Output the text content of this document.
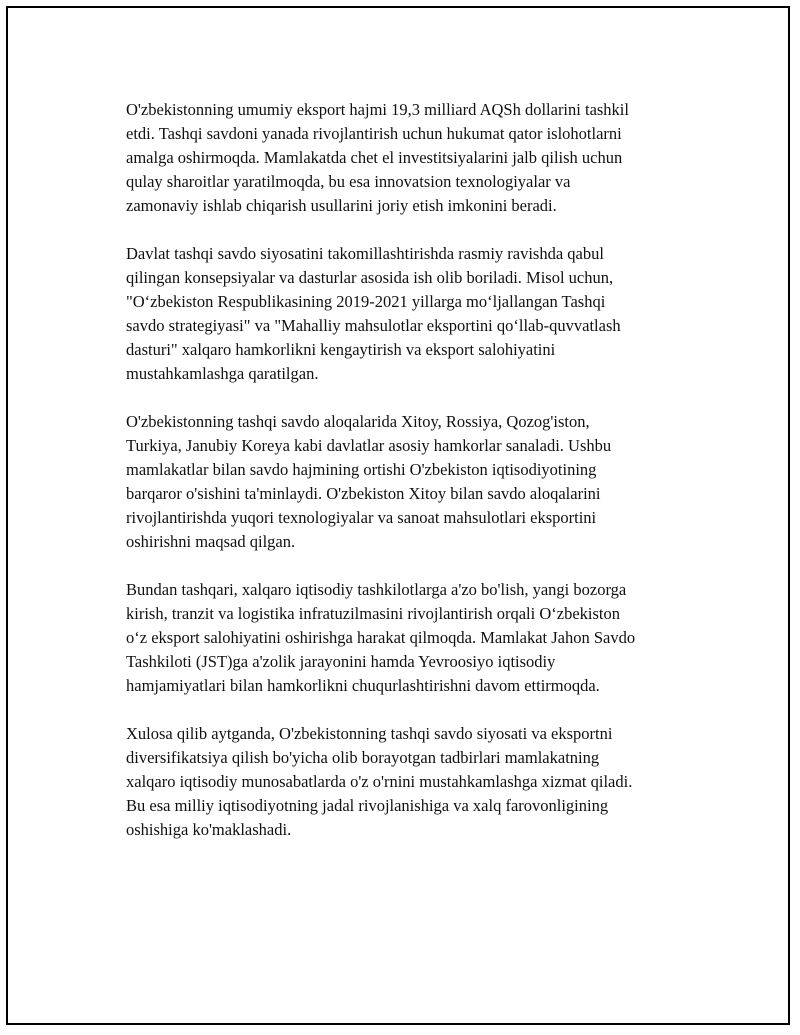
O'zbekistonning umumiy eksport hajmi 19,3 milliard AQSh dollarini tashkil
etdi. Tashqi savdoni yanada rivojlantirish uchun hukumat qator islohotlarni
amalga oshirmoqda. Mamlakatda chet el investitsiyalarini jalb qilish uchun
qulay sharoitlar yaratilmoqda, bu esa innovatsion texnologiyalar va
zamonaviy ishlab chiqarish usullarini joriy etish imkonini beradi.

Davlat tashqi savdo siyosatini takomillashtirishda rasmiy ravishda qabul
qilingan konsepsiyalar va dasturlar asosida ish olib boriladi. Misol uchun,
"O‘zbekiston Respublikasining 2019-2021 yillarga mo‘ljallangan Tashqi
savdo strategiyasi" va "Mahalliy mahsulotlar eksportini qo‘llab-quvvatlash
dasturi" xalqaro hamkorlikni kengaytirish va eksport salohiyatini
mustahkamlashga qaratilgan.

O'zbekistonning tashqi savdo aloqalarida Xitoy, Rossiya, Qozog'iston,
Turkiya, Janubiy Koreya kabi davlatlar asosiy hamkorlar sanaladi. Ushbu
mamlakatlar bilan savdo hajmining ortishi O'zbekiston iqtisodiyotining
barqaror o'sishini ta'minlaydi. O'zbekiston Xitoy bilan savdo aloqalarini
rivojlantirishda yuqori texnologiyalar va sanoat mahsulotlari eksportini
oshirishni maqsad qilgan.

Bundan tashqari, xalqaro iqtisodiy tashkilotlarga a'zo bo'lish, yangi bozorga
kirish, tranzit va logistika infratuzilmasini rivojlantirish orqali O‘zbekiston
o‘z eksport salohiyatini oshirishga harakat qilmoqda. Mamlakat Jahon Savdo
Tashkiloti (JST)ga a'zolik jarayonini hamda Yevroosiyo iqtisodiy
hamjamiyatlari bilan hamkorlikni chuqurlashtirishni davom ettirmoqda.

Xulosa qilib aytganda, O'zbekistonning tashqi savdo siyosati va eksportni
diversifikatsiya qilish bo'yicha olib borayotgan tadbirlari mamlakatning
xalqaro iqtisodiy munosabatlarda o'z o'rnini mustahkamlashga xizmat qiladi.
Bu esa milliy iqtisodiyotning jadal rivojlanishiga va xalq farovonligining
oshishiga ko'maklashadi.
